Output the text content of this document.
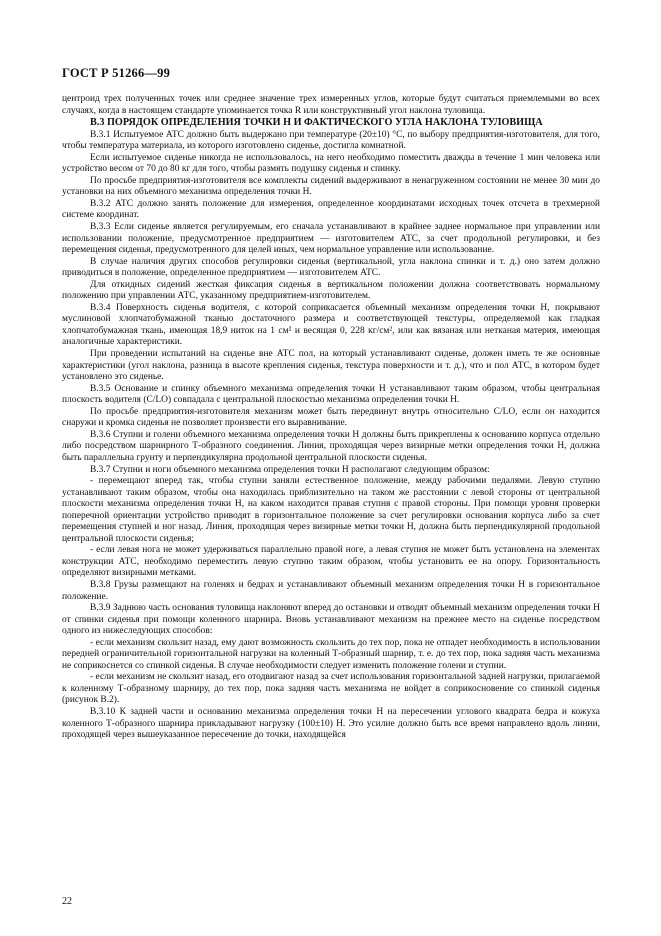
ГОСТ Р 51266—99

центроид трех полученных точек или среднее значение трех измеренных углов, которые будут считаться приемлемыми во всех случаях, когда в настоящем стандарте упоминается точка R или конструктивный угол наклона туловища.

В.3 ПОРЯДОК ОПРЕДЕЛЕНИЯ ТОЧКИ Н И ФАКТИЧЕСКОГО УГЛА НАКЛОНА ТУЛОВИЩА

В.3.1 Испытуемое АТС должно быть выдержано при температуре (20±10) °С, по выбору предприятия-изготовителя, для того, чтобы температура материала, из которого изготовлено сиденье, достигла комнатной.

Если испытуемое сиденье никогда не использовалось, на него необходимо поместить дважды в течение 1 мин человека или устройство весом от 70 до 80 кг для того, чтобы размять подушку сиденья и спинку.

По просьбе предприятия-изготовителя все комплекты сидений выдерживают в ненагруженном состоянии не менее 30 мин до установки на них объемного механизма определения точки Н.

В.3.2 АТС должно занять положение для измерения, определенное координатами исходных точек отсчета в трехмерной системе координат.

В.3.3 Если сиденье является регулируемым, его сначала устанавливают в крайнее заднее нормальное при управлении или использовании положение, предусмотренное предприятием — изготовителем АТС, за счет продольной регулировки, и без перемещения сиденья, предусмотренного для целей иных, чем нормальное управление или использование.

В случае наличия других способов регулировки сиденья (вертикальной, угла наклона спинки и т. д.) оно затем должно приводиться в положение, определенное предприятием — изготовителем АТС.

Для откидных сидений жесткая фиксация сиденья в вертикальном положении должна соответствовать нормальному положению при управлении АТС, указанному предприятием-изготовителем.

В.3.4 Поверхность сиденья водителя, с которой соприкасается объемный механизм определения точки Н, покрывают муслиновой хлопчатобумажной тканью достаточного размера и соответствующей текстуры, определяемой как гладкая хлопчатобумажная ткань, имеющая 18,9 ниток на 1 см² и весящая 0, 228 кг/см², или как вязаная или нетканая материя, имеющая аналогичные характеристики.

При проведении испытаний на сиденье вне АТС пол, на который устанавливают сиденье, должен иметь те же основные характеристики (угол наклона, разница в высоте крепления сиденья, текстура поверхности и т. д.), что и пол АТС, в котором будет установлено это сиденье.

В.3.5 Основание и спинку объемного механизма определения точки Н устанавливают таким образом, чтобы центральная плоскость водителя (C/LO) совпадала с центральной плоскостью механизма определения точки Н.

По просьбе предприятия-изготовителя механизм может быть передвинут внутрь относительно C/LO, если он находится снаружи и кромка сиденья не позволяет произвести его выравнивание.

В.3.6 Ступни и голени объемного механизма определения точки Н должны быть прикреплены к основанию корпуса отдельно либо посредством шарнирного Т-образного соединения. Линия, проходящая через визирные метки определения точки Н, должна быть параллельна грунту и перпендикулярна продольной центральной плоскости сиденья.

В.3.7 Ступни и ноги объемного механизма определения точки Н располагают следующим образом:

- перемещают вперед так, чтобы ступни заняли естественное положение, между рабочими педалями. Левую ступню устанавливают таким образом, чтобы она находилась приблизительно на таком же расстоянии с левой стороны от центральной плоскости механизма определения точки Н, на каком находится правая ступня с правой стороны. При помощи уровня проверки поперечной ориентации устройство приводят в горизонтальное положение за счет регулировки основания корпуса либо за счет перемещения ступней и ног назад. Линия, проходящая через визирные метки точки Н, должна быть перпендикулярной продольной центральной плоскости сиденья;

- если левая нога не может удерживаться параллельно правой ноге, а левая ступня не может быть установлена на элементах конструкции АТС, необходимо переместить левую ступню таким образом, чтобы установить ее на опору. Горизонтальность определяют визирными метками.

В.3.8 Грузы размещают на голенях и бедрах и устанавливают объемный механизм определения точки Н в горизонтальное положение.

В.3.9 Заднюю часть основания туловища наклоняют вперед до остановки и отводят объемный механизм определения точки Н от спинки сиденья при помощи коленного шарнира. Вновь устанавливают механизм на прежнее место на сиденье посредством одного из нижеследующих способов:

- если механизм скользит назад, ему дают возможность скользить до тех пор, пока не отпадет необходимость в использовании передней ограничительной горизонтальной нагрузки на коленный Т-образный шарнир, т. е. до тех пор, пока задняя часть механизма не соприкоснется со спинкой сиденья. В случае необходимости следует изменить положение голени и ступни.

- если механизм не скользит назад, его отодвигают назад за счет использования горизонтальной задней нагрузки, прилагаемой к коленному Т-образному шарниру, до тех пор, пока задняя часть механизма не войдет в соприкосновение со спинкой сиденья (рисунок В.2).

В.3.10 К задней части и основанию механизма определения точки Н на пересечении углового квадрата бедра и кожуха коленного Т-образного шарнира прикладывают нагрузку (100±10) Н. Это усилие должно быть все время направлено вдоль линии, проходящей через вышеуказанное пересечение до точки, находящейся

22
